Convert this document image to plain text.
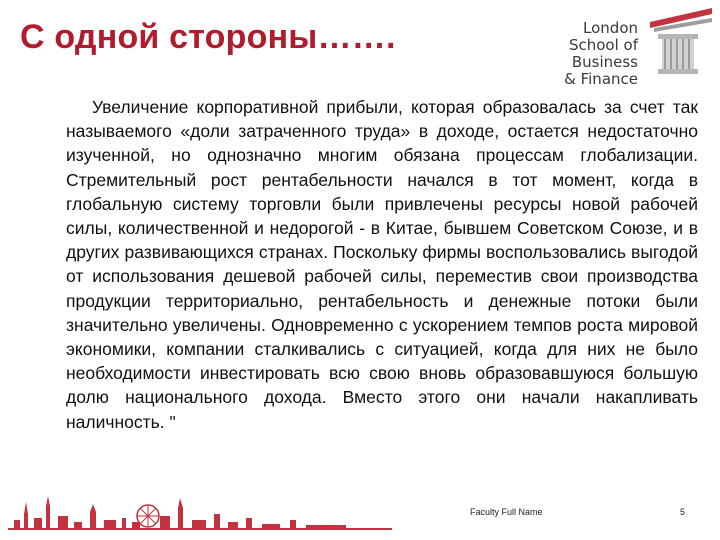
С одной стороны…….	London
School of Business
& Finance

Увеличение корпоративной прибыли, которая образовалась за счет так называемого «доли затраченного труда» в доходе, остается недостаточно изученной, но однозначно многим обязана процессам глобализации. Стремительный рост рентабельности начался в тот момент, когда в глобальную систему торговли были привлечены ресурсы новой рабочей силы, количественной и недорогой - в Китае, бывшем Советском Союзе, и в других развивающихся странах. Поскольку фирмы воспользовались выгодой от использования дешевой рабочей силы, переместив свои производства продукции территориально, рентабельность и денежные потоки были значительно увеличены. Одновременно с ускорением темпов роста мировой экономики, компании сталкивались с ситуацией, когда для них не было необходимости инвестировать всю свою вновь образовавшуюся большую долю национального дохода. Вместо этого они начали накапливать наличность. "

Faculty Full Name	5
